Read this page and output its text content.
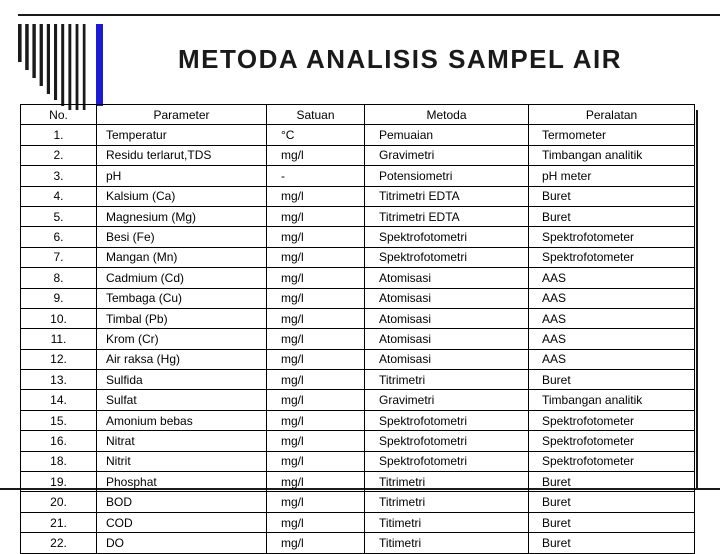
METODA ANALISIS SAMPEL AIR
No.	Parameter	Satuan	Metoda	Peralatan
1.	Temperatur	°C	Pemuaian	Termometer
2.	Residu terlarut,TDS	mg/l	Gravimetri	Timbangan analitik
3.	pH	-	Potensiometri	pH meter
4.	Kalsium (Ca)	mg/l	Titrimetri EDTA	Buret
5.	Magnesium (Mg)	mg/l	Titrimetri EDTA	Buret
6.	Besi (Fe)	mg/l	Spektrofotometri	Spektrofotometer
7.	Mangan (Mn)	mg/l	Spektrofotometri	Spektrofotometer
8.	Cadmium (Cd)	mg/l	Atomisasi	AAS
9.	Tembaga (Cu)	mg/l	Atomisasi	AAS
10.	Timbal (Pb)	mg/l	Atomisasi	AAS
11.	Krom (Cr)	mg/l	Atomisasi	AAS
12.	Air raksa (Hg)	mg/l	Atomisasi	AAS
13.	Sulfida	mg/l	Titrimetri	Buret
14.	Sulfat	mg/l	Gravimetri	Timbangan analitik
15.	Amonium bebas	mg/l	Spektrofotometri	Spektrofotometer
16.	Nitrat	mg/l	Spektrofotometri	Spektrofotometer
18.	Nitrit	mg/l	Spektrofotometri	Spektrofotometer
19.	Phosphat	mg/l	Titrimetri	Buret
20.	BOD	mg/l	Titrimetri	Buret
21.	COD	mg/l	Titimetri	Buret
22.	DO	mg/l	Titimetri	Buret
